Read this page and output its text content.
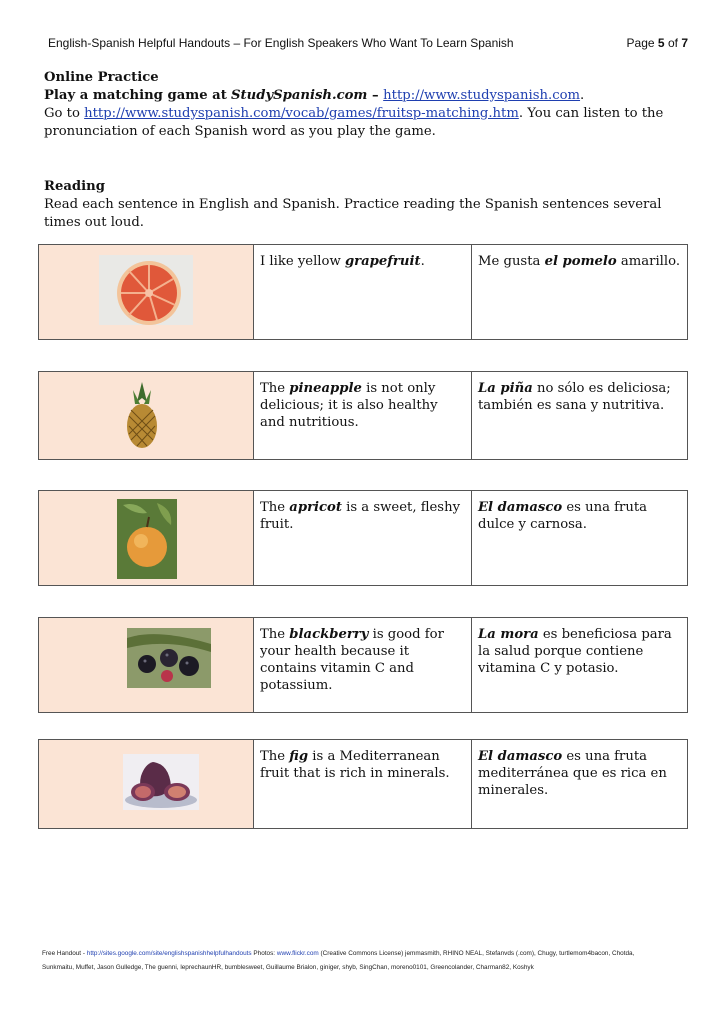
English-Spanish Helpful Handouts – For English Speakers Who Want To Learn Spanish	Page 5 of 7
Online Practice
Play a matching game at StudySpanish.com – http://www.studyspanish.com.
Go to http://www.studyspanish.com/vocab/games/fruitsp-matching.htm. You can listen to the pronunciation of each Spanish word as you play the game.
Reading
Read each sentence in English and Spanish. Practice reading the Spanish sentences several times out loud.
I like yellow grapefruit.	Me gusta el pomelo amarillo.
The pineapple is not only delicious; it is also healthy and nutritious.
La piña no sólo es deliciosa; también es sana y nutritiva.
The apricot is a sweet, fleshy fruit.
El damasco es una fruta dulce y carnosa.
The blackberry is good for your health because it contains vitamin C and potassium.
La mora es beneficiosa para la salud porque contiene vitamina C y potasio.
The fig is a Mediterranean fruit that is rich in minerals.
El damasco es una fruta mediterránea que es rica en minerales.
Free Handout - http://sites.google.com/site/englishspanishhelpfulhandouts Photos: www.flickr.com (Creative Commons License) jemmasmith, RHINO NEAL, Stefanvds (.com), Chugy, turtlemom4bacon, Chotda,
Sunkmaitu, Muffet, Jason Gulledge, The guenni, leprechaunHR, bumblesweet, Guillaume Brialon, giniger, shyb, SingChan, moreno0101, Greencolander, Charman82, Koshyk
